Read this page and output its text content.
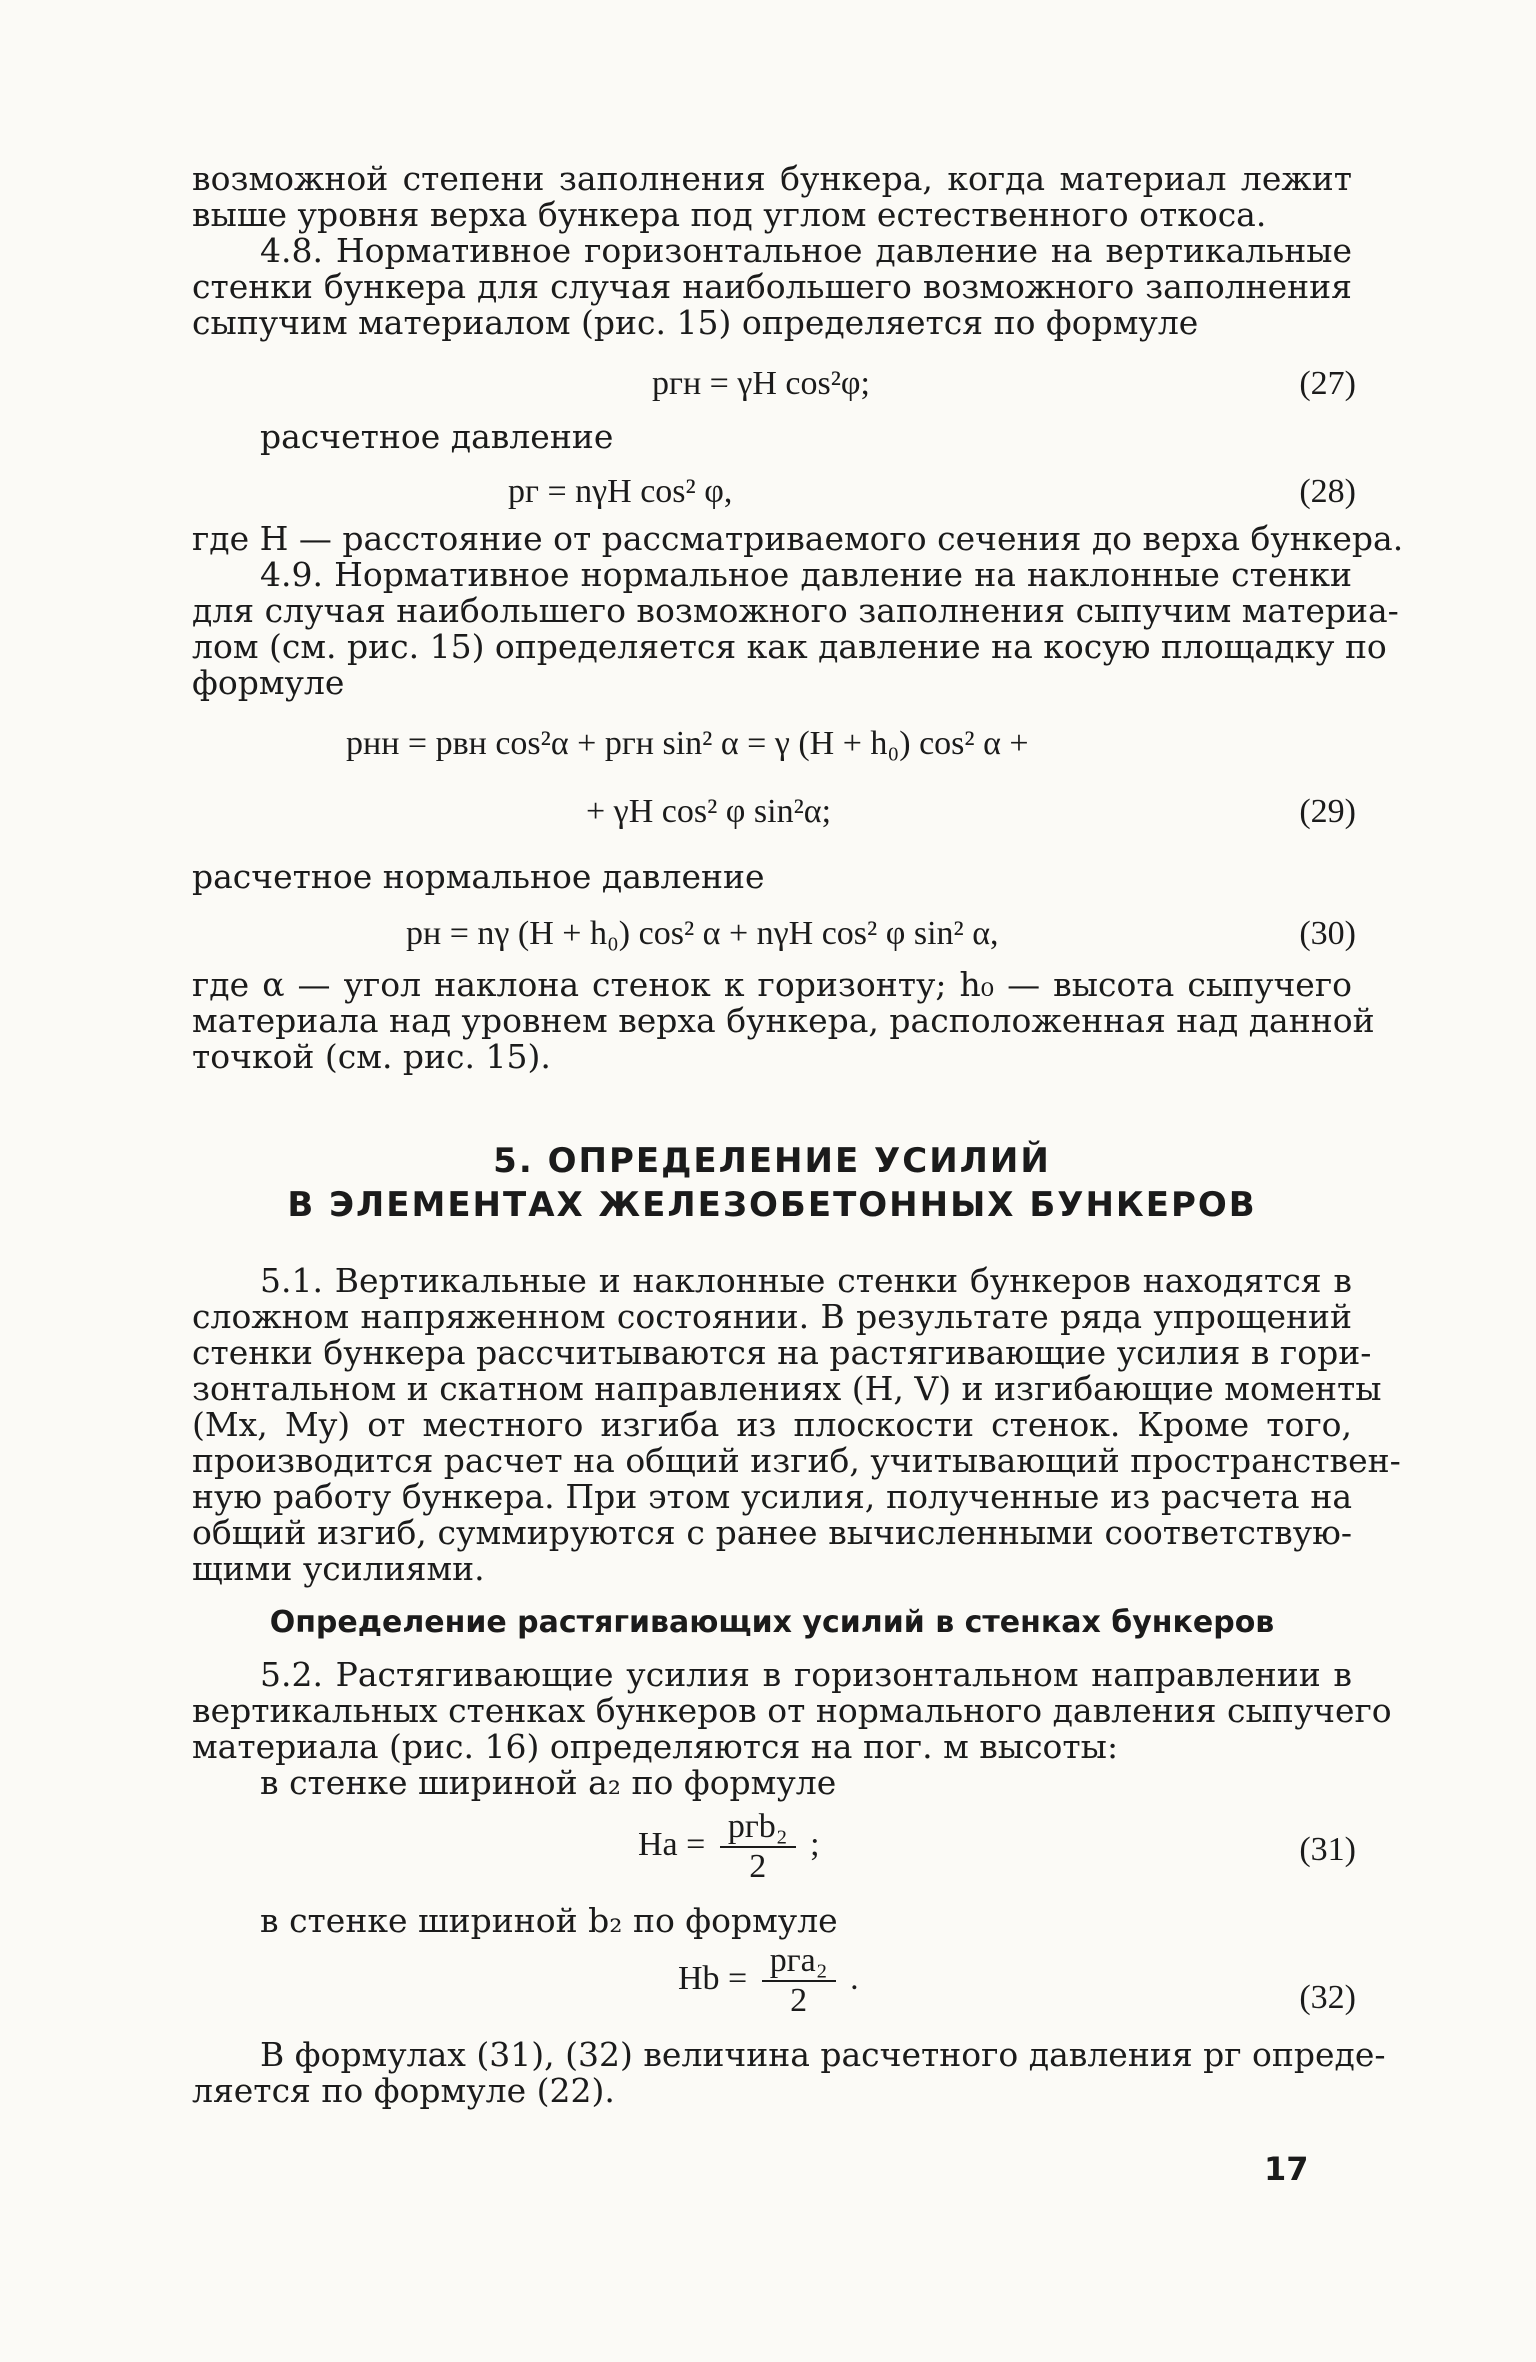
возможной степени заполнения бункера, когда материал лежит
выше уровня верха бункера под углом естественного откоса.
4.8. Нормативное горизонтальное давление на вертикальные
стенки бункера для случая наибольшего возможного заполнения
сыпучим материалом (рис. 15) определяется по формуле
pгн = γH cos²φ;	(27)
расчетное давление
pг = nγH cos² φ,	(28)
где H — расстояние от рассматриваемого сечения до верха бункера.
4.9. Нормативное нормальное давление на наклонные стенки
для случая наибольшего возможного заполнения сыпучим материа-
лом (см. рис. 15) определяется как давление на косую площадку по
формуле
pнн = pвн cos²α + pгн sin² α = γ (H + h₀) cos² α +
+ γH cos² φ sin²α;	(29)
расчетное нормальное давление
pн = nγ (H + h₀) cos² α + nγH cos² φ sin² α,	(30)
где α — угол наклона стенок к горизонту; h₀ — высота сыпучего
материала над уровнем верха бункера, расположенная над данной
точкой (см. рис. 15).
5. ОПРЕДЕЛЕНИЕ УСИЛИЙ
В ЭЛЕМЕНТАХ ЖЕЛЕЗОБЕТОННЫХ БУНКЕРОВ
5.1. Вертикальные и наклонные стенки бункеров находятся в
сложном напряженном состоянии. В результате ряда упрощений
стенки бункера рассчитываются на растягивающие усилия в гори-
зонтальном и скатном направлениях (H, V) и изгибающие моменты
(Mx, My) от местного изгиба из плоскости стенок. Кроме того,
производится расчет на общий изгиб, учитывающий пространствен-
ную работу бункера. При этом усилия, полученные из расчета на
общий изгиб, суммируются с ранее вычисленными соответствую-
щими усилиями.
Определение растягивающих усилий в стенках бункеров
5.2. Растягивающие усилия в горизонтальном направлении в
вертикальных стенках бункеров от нормального давления сыпучего
материала (рис. 16) определяются на пог. м высоты:
в стенке шириной a₂ по формуле
$Ha = \frac{\text{pгb₂}}{2}$ ;	(31)
в стенке шириной b₂ по формуле
$Hb = \frac{\text{pгa₂}}{2}$ .
(32)
В формулах (31), (32) величина расчетного давления pг опреде-
ляется по формуле (22).
17
